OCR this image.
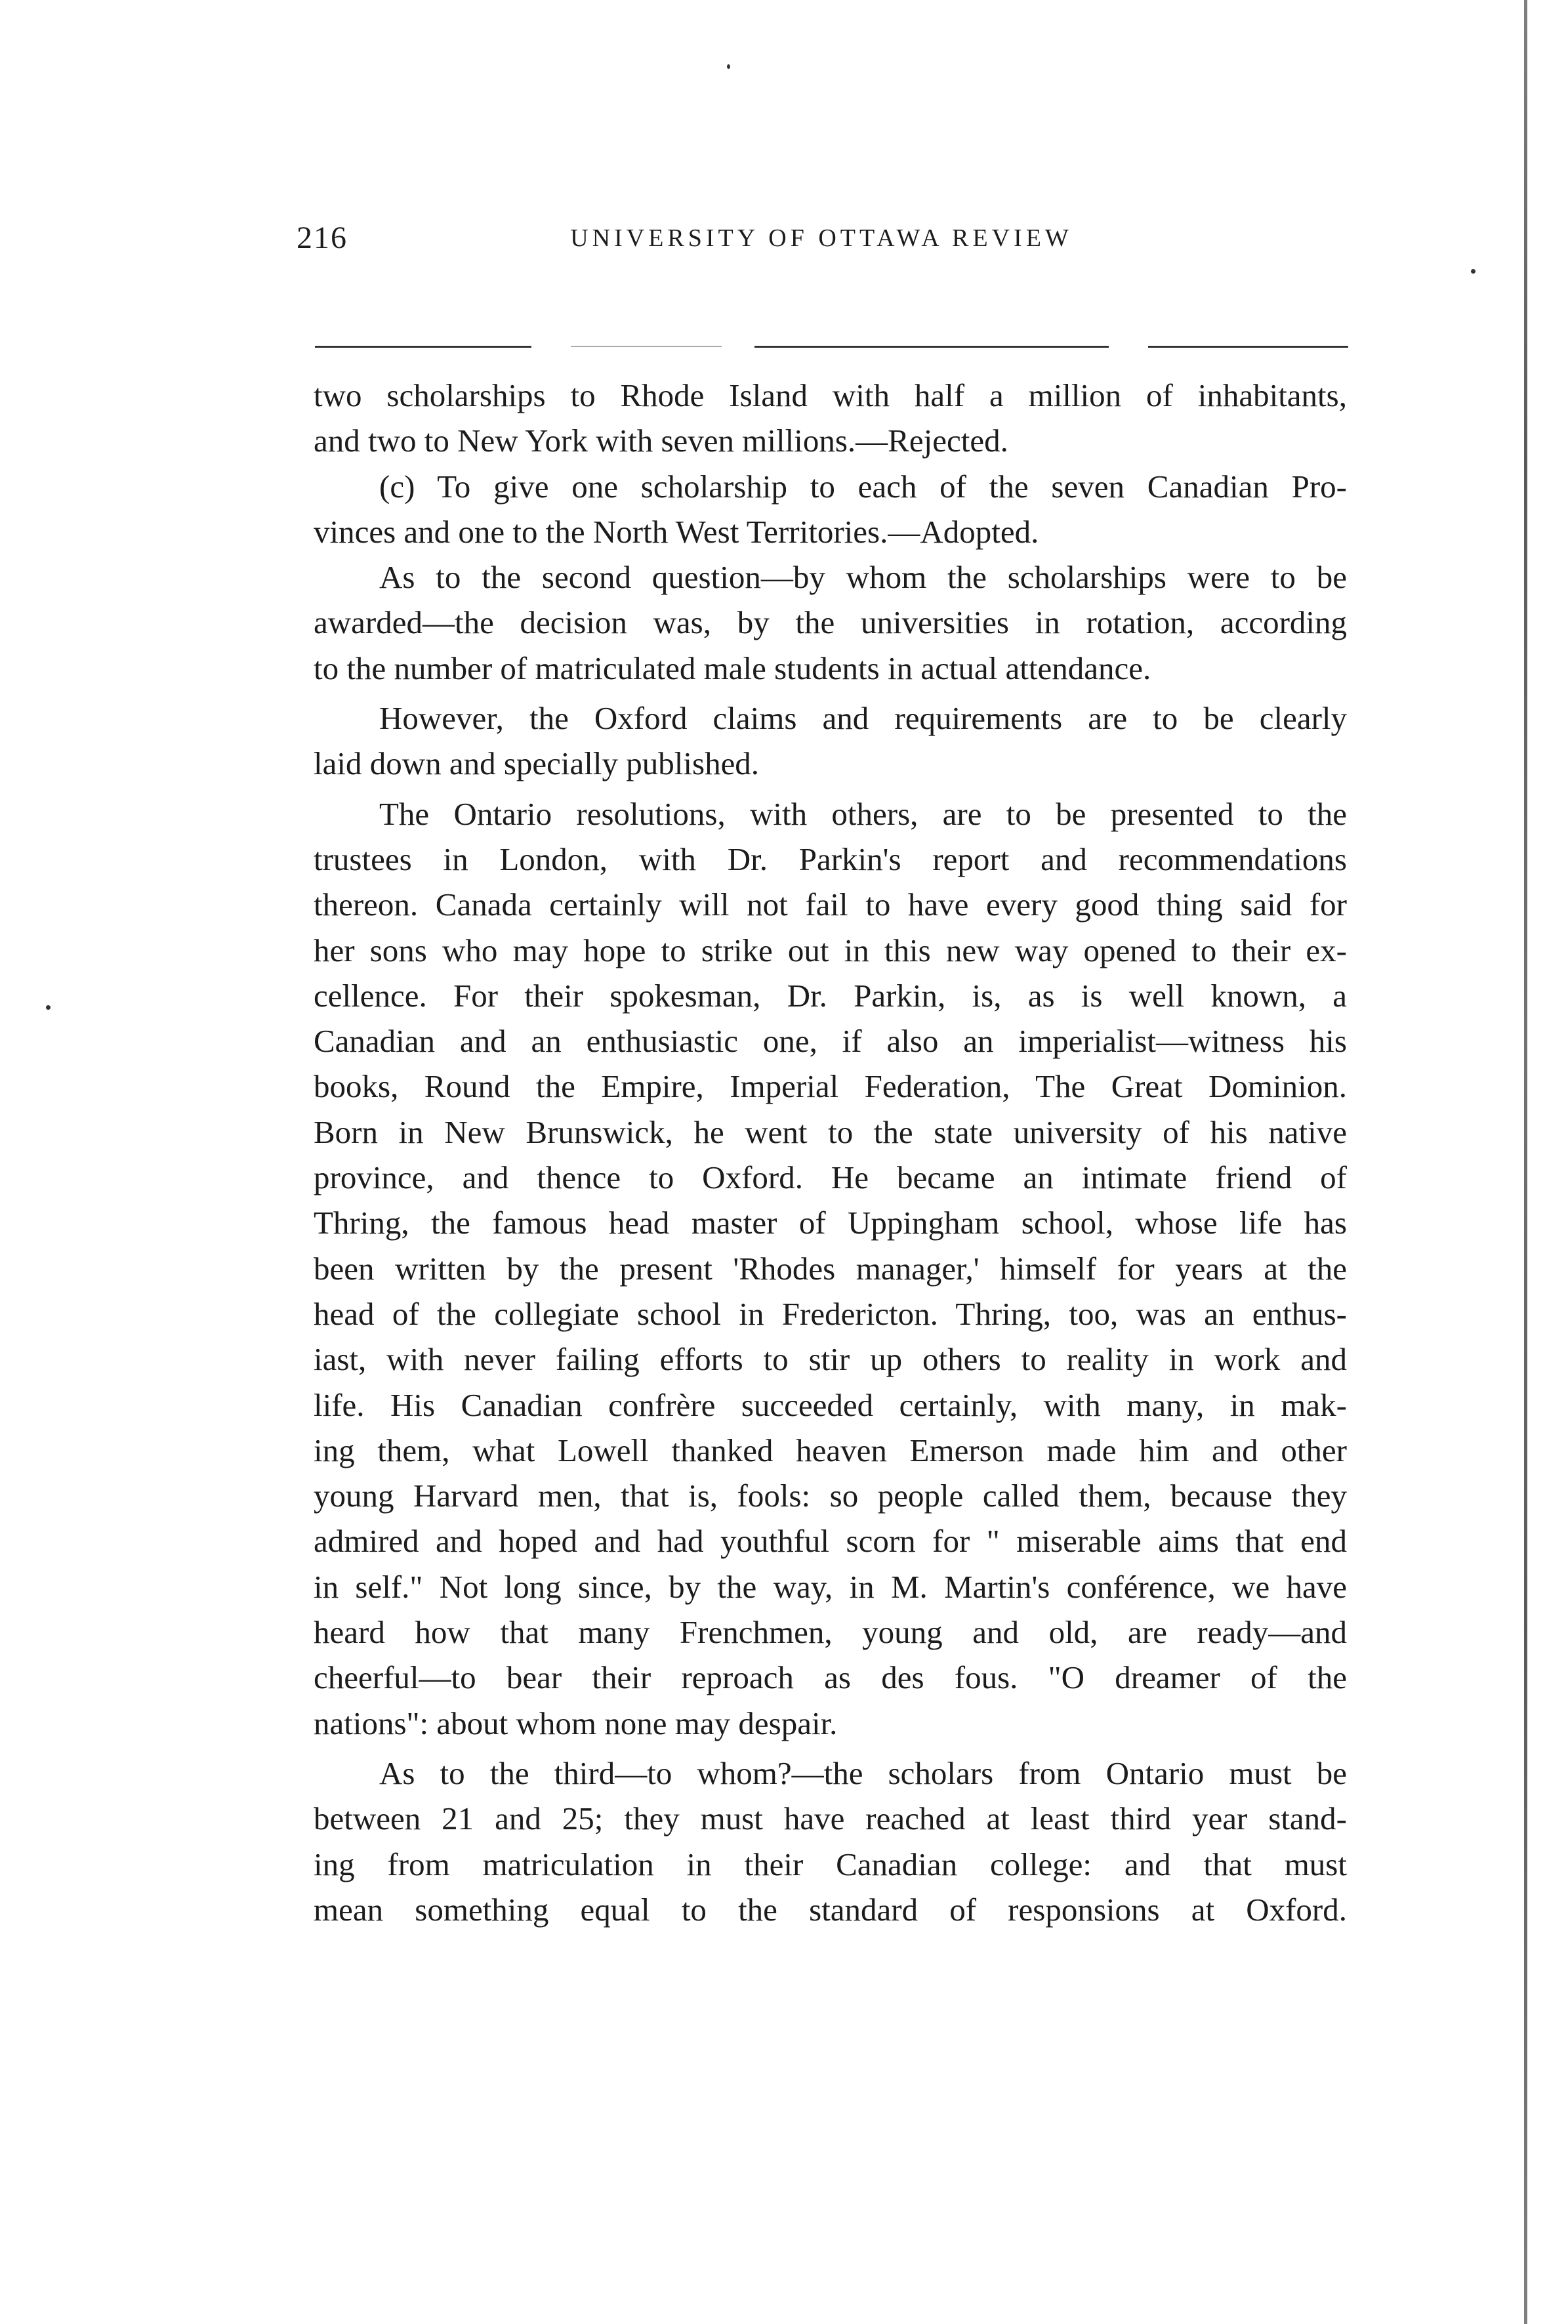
216	UNIVERSITY OF OTTAWA REVIEW
two scholarships to Rhode Island with half a million of inhabitants,
and two to New York with seven millions.—Rejected.
(c) To give one scholarship to each of the seven Canadian Pro-
vinces and one to the North West Territories.—Adopted.
As to the second question—by whom the scholarships were to be
awarded—the decision was, by the universities in rotation, according
to the number of matriculated male students in actual attendance.
However, the Oxford claims and requirements are to be clearly
laid down and specially published.
The Ontario resolutions, with others, are to be presented to the
trustees in London, with Dr. Parkin's report and recommendations
thereon. Canada certainly will not fail to have every good thing said for
her sons who may hope to strike out in this new way opened to their ex-
cellence. For their spokesman, Dr. Parkin, is, as is well known, a
Canadian and an enthusiastic one, if also an imperialist—witness his
books, Round the Empire, Imperial Federation, The Great Dominion.
Born in New Brunswick, he went to the state university of his native
province, and thence to Oxford. He became an intimate friend of
Thring, the famous head master of Uppingham school, whose life has
been written by the present 'Rhodes manager,' himself for years at the
head of the collegiate school in Fredericton. Thring, too, was an enthus-
iast, with never failing efforts to stir up others to reality in work and
life. His Canadian confrère succeeded certainly, with many, in mak-
ing them, what Lowell thanked heaven Emerson made him and other
young Harvard men, that is, fools: so people called them, because they
admired and hoped and had youthful scorn for " miserable aims that end
in self." Not long since, by the way, in M. Martin's conférence, we have
heard how that many Frenchmen, young and old, are ready—and
cheerful—to bear their reproach as des fous. "O dreamer of the
nations": about whom none may despair.
As to the third—to whom?—the scholars from Ontario must be
between 21 and 25; they must have reached at least third year stand-
ing from matriculation in their Canadian college: and that must
mean something equal to the standard of responsions at Oxford.
